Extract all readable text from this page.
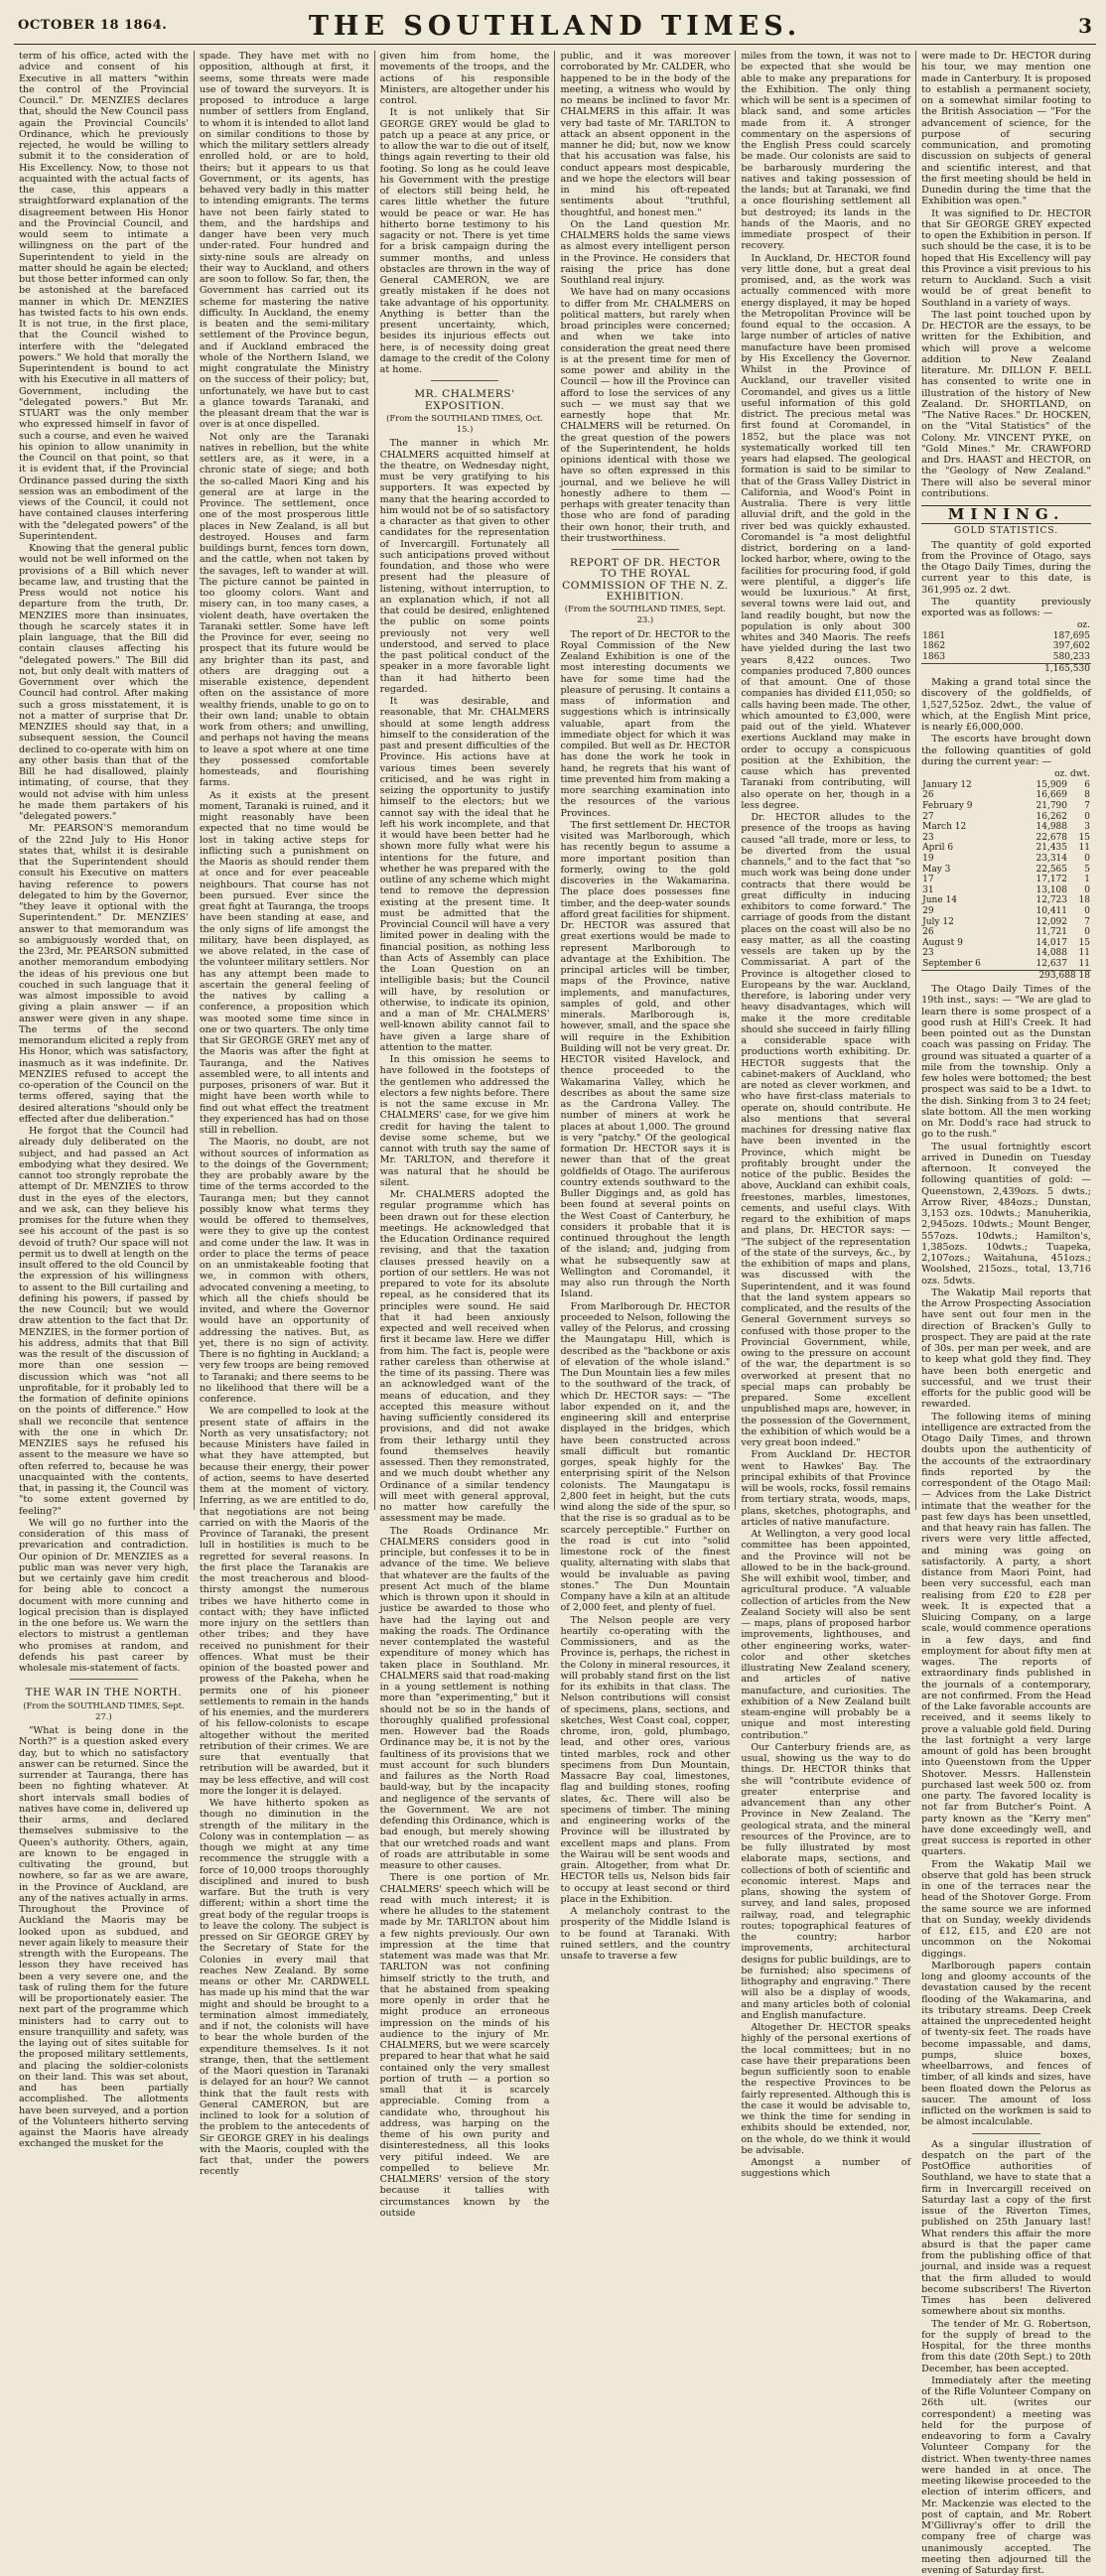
OCTOBER 18 1864.	THE SOUTHLAND TIMES.	3

term of his office, acted with the advice and consent of his Executive in all matters "within the control of the Provincial Council." Dr. MENZIES declares that, should the New Council pass again the Provincial Councils' Ordinance, which he previously rejected, he would be willing to submit it to the consideration of His Excellency. Now, to those not acquainted with the actual facts of the case, this appears a straightforward explanation of the disagreement between His Honor and the Provincial Council, and would seem to intimate a willingness on the part of the Superintendent to yield in the matter should he again be elected; but those better informed can only be astonished at the barefaced manner in which Dr. MENZIES has twisted facts to his own ends. It is not true, in the first place, that the Council wished to interfere with the "delegated powers." We hold that morally the Superintendent is bound to act with his Executive in all matters of Government, including the "delegated powers." But Mr. STUART was the only member who expressed himself in favor of such a course, and even he waived his opinion to allow unanimity in the Council on that point, so that it is evident that, if the Provincial Ordinance passed during the sixth session was an embodiment of the views of the Council, it could not have contained clauses interfering with the "delegated powers" of the Superintendent.

Knowing that the general public would not be well informed on the provisions of a Bill which never became law, and trusting that the Press would not notice his departure from the truth, Dr. MENZIES more than insinuates, though he scarcely states it in plain language, that the Bill did contain clauses affecting his "delegated powers." The Bill did not, but only dealt with matters of Government over which the Council had control. After making such a gross misstatement, it is not a matter of surprise that Dr. MENZIES should say that, in a subsequent session, the Council declined to co-operate with him on any other basis than that of the Bill he had disallowed, plainly intimating, of course, that they would not advise with him unless he made them partakers of his "delegated powers."

Mr. PEARSON'S memorandum of the 22nd July to His Honor states that, whilst it is desirable that the Superintendent should consult his Executive on matters having reference to powers delegated to him by the Governor, "they leave it optional with the Superintendent." Dr. MENZIES' answer to that memorandum was so ambiguously worded that, on the 23rd, Mr. PEARSON submitted another memorandum embodying the ideas of his previous one but couched in such language that it was almost impossible to avoid giving a plain answer — if an answer were given in any shape. The terms of the second memorandum elicited a reply from His Honor, which was satisfactory, inasmuch as it was indefinite. Dr. MENZIES refused to accept the co-operation of the Council on the terms offered, saying that the desired alterations "should only be effected after due deliberation."

He forgot that the Council had already duly deliberated on the subject, and had passed an Act embodying what they desired. We cannot too strongly reprobate the attempt of Dr. MENZIES to throw dust in the eyes of the electors, and we ask, can they believe his promises for the future when they see his account of the past is so devoid of truth? Our space will not permit us to dwell at length on the insult offered to the old Council by the expression of his willingness to assent to the Bill curtailing and defining his powers, if passed by the new Council; but we would draw attention to the fact that Dr. MENZIES, in the former portion of his address, admits that that Bill was the result of the discussion of more than one session — discussion which was "not all unprofitable, for it probably led to the formation of definite opinions on the points of difference." How shall we reconcile that sentence with the one in which Dr. MENZIES says he refused his assent to the measure we have so often referred to, because he was unacquainted with the contents, that, in passing it, the Council was "to some extent governed by feeling?"

We will go no further into the consideration of this mass of prevarication and contradiction. Our opinion of Dr. MENZIES as a public man was never very high, but we certainly gave him credit for being able to concoct a document with more cunning and logical precision than is displayed in the one before us. We warn the electors to mistrust a gentleman who promises at random, and defends his past career by wholesale mis-statement of facts.

THE WAR IN THE NORTH.

(From the SOUTHLAND TIMES, Sept. 27.)

"What is being done in the North?" is a question asked every day, but to which no satisfactory answer can be returned. Since the surrender at Tauranga, there has been no fighting whatever. At short intervals small bodies of natives have come in, delivered up their arms, and declared themselves submissive to the Queen's authority. Others, again, are known to be engaged in cultivating the ground, but nowhere, so far as we are aware, in the Province of Auckland, are any of the natives actually in arms. Throughout the Province of Auckland the Maoris may be looked upon as subdued, and never again likely to measure their strength with the Europeans. The lesson they have received has been a very severe one, and the task of ruling them for the future will be proportionately easier. The next part of the programme which ministers had to carry out to ensure tranquillity and safety, was the laying out of sites suitable for the proposed military settlements, and placing the soldier-colonists on their land. This was set about, and has been partially accomplished. The allotments have been surveyed, and a portion of the Volunteers hitherto serving against the Maoris have already exchanged the musket for the

spade. They have met with no opposition, although at first, it seems, some threats were made use of toward the surveyors. It is proposed to introduce a large number of settlers from England, to whom it is intended to allot land on similar conditions to those by which the military settlers already enrolled hold, or are to hold, theirs; but it appears to us that Government, or its agents, has behaved very badly in this matter to intending emigrants. The terms have not been fairly stated to them, and the hardships and danger have been very much under-rated. Four hundred and sixty-nine souls are already on their way to Auckland, and others are soon to follow. So far, then, the Government has carried out its scheme for mastering the native difficulty. In Auckland, the enemy is beaten and the semi-military settlement of the Province begun, and if Auckland embraced the whole of the Northern Island, we might congratulate the Ministry on the success of their policy; but, unfortunately, we have but to cast a glance towards Taranaki, and the pleasant dream that the war is over is at once dispelled.

Not only are the Taranaki natives in rebellion, but the white settlers are, as it were, in a chronic state of siege; and both the so-called Maori King and his general are at large in the Province. The settlement, once one of the most prosperous little places in New Zealand, is all but destroyed. Houses and farm buildings burnt, fences torn down, and the cattle, when not taken by the savages, left to wander at will. The picture cannot be painted in too gloomy colors. Want and misery can, in too many cases, a violent death, have overtaken the Taranaki settler. Some have left the Province for ever, seeing no prospect that its future would be any brighter than its past, and others are dragging out a miserable existence, dependent often on the assistance of more wealthy friends, unable to go on to their own land; unable to obtain work from others; and unwilling, and perhaps not having the means to leave a spot where at one time they possessed comfortable homesteads, and flourishing farms.

As it exists at the present moment, Taranaki is ruined, and it might reasonably have been expected that no time would be lost in taking active steps for inflicting such a punishment on the Maoris as should render them at once and for ever peaceable neighbours. That course has not been pursued. Ever since the great fight at Tauranga, the troops have been standing at ease, and the only signs of life amongst the military, have been displayed, as we above related, in the case of the volunteer military settlers. Nor has any attempt been made to ascertain the general feeling of the natives by calling a conference, a proposition which was mooted some time since in one or two quarters. The only time that Sir GEORGE GREY met any of the Maoris was after the fight at Tauranga, and the Natives assembled were, to all intents and purposes, prisoners of war. But it might have been worth while to find out what effect the treatment they experienced has had on those still in rebellion.

The Maoris, no doubt, are not without sources of information as to the doings of the Government; they are probably aware by the time of the terms accorded to the Tauranga men; but they cannot possibly know what terms they would be offered to themselves, were they to give up the contest and come under the law. It was in order to place the terms of peace on an unmistakeable footing that we, in common with others, advocated convening a meeting, to which all the chiefs should be invited, and where the Governor would have an opportunity of addressing the natives. But, as yet, there is no sign of activity. There is no fighting in Auckland; a very few troops are being removed to Taranaki; and there seems to be no likelihood that there will be a conference.

We are compelled to look at the present state of affairs in the North as very unsatisfactory; not because Ministers have failed in what they have attempted, but because their energy, their power of action, seems to have deserted them at the moment of victory. Inferring, as we are entitled to do, that negotiations are not being carried on with the Maoris of the Province of Taranaki, the present lull in hostilities is much to be regretted for several reasons. In the first place the Taranakis are the most treacherous and blood-thirsty amongst the numerous tribes we have hitherto come in contact with; they have inflicted more injury on the settlers than other tribes; and they have received no punishment for their offences. What must be their opinion of the boasted power and prowess of the Pakeha, when he permits one of his pioneer settlements to remain in the hands of his enemies, and the murderers of his fellow-colonists to escape altogether without the merited retribution of their crimes. We are sure that eventually that retribution will be awarded, but it may be less effective, and will cost more the longer it is delayed.

We have hitherto spoken as though no diminution in the strength of the military in the Colony was in contemplation — as though we might at any time recommence the struggle with a force of 10,000 troops thoroughly disciplined and inured to bush warfare. But the truth is very different; within a short time the great body of the regular troops is to leave the colony. The subject is pressed on Sir GEORGE GREY by the Secretary of State for the Colonies in every mail that reaches New Zealand. By some means or other Mr. CARDWELL has made up his mind that the war might and should be brought to a termination almost immediately, and if not, the colonists will have to bear the whole burden of the expenditure themselves. Is it not strange, then, that the settlement of the Maori question in Taranaki is delayed for an hour? We cannot think that the fault rests with General CAMERON, but are inclined to look for a solution of the problem to the antecedents of Sir GEORGE GREY in his dealings with the Maoris, coupled with the fact that, under the powers recently

given him from home, the movements of the troops, and the actions of his responsible Ministers, are altogether under his control.

It is not unlikely that Sir GEORGE GREY would be glad to patch up a peace at any price, or to allow the war to die out of itself, things again reverting to their old footing. So long as he could leave his Government with the prestige of electors still being held, he cares little whether the future would be peace or war. He has hitherto borne testimony to his sagacity or not. There is yet time for a brisk campaign during the summer months, and unless obstacles are thrown in the way of General CAMERON, we are greatly mistaken if he does not take advantage of his opportunity. Anything is better than the present uncertainty, which, besides its injurious effects out here, is of necessity doing great damage to the credit of the Colony at home.

MR. CHALMERS' EXPOSITION.

(From the SOUTHLAND TIMES, Oct. 15.)

The manner in which Mr. CHALMERS acquitted himself at the theatre, on Wednesday night, must be very gratifying to his supporters. It was expected by many that the hearing accorded to him would not be of so satisfactory a character as that given to other candidates for the representation of Invercargill. Fortunately all such anticipations proved without foundation, and those who were present had the pleasure of listening, without interruption, to an explanation which, if not all that could be desired, enlightened the public on some points previously not very well understood, and served to place the past political conduct of the speaker in a more favorable light than it had hitherto been regarded.

It was desirable, and reasonable, that Mr. CHALMERS should at some length address himself to the consideration of the past and present difficulties of the Province. His actions have at various times been severely criticised, and he was right in seizing the opportunity to justify himself to the electors; but we cannot say with the ideal that he left his work incomplete, and that it would have been better had he shown more fully what were his intentions for the future, and whether he was prepared with the outline of any scheme which might tend to remove the depression existing at the present time. It must be admitted that the Provincial Council will have a very limited power in dealing with the financial position, as nothing less than Acts of Assembly can place the Loan Question on an intelligible basis; but the Council will have, by resolution or otherwise, to indicate its opinion, and a man of Mr. CHALMERS' well-known ability cannot fail to have given a large share of attention to the matter.

In this omission he seems to have followed in the footsteps of the gentlemen who addressed the electors a few nights before. There is not the same excuse in Mr. CHALMERS' case, for we give him credit for having the talent to devise some scheme, but we cannot with truth say the same of Mr. TARLTON, and therefore it was natural that he should be silent.

Mr. CHALMERS adopted the regular programme which has been drawn out for these election meetings. He acknowledged that the Education Ordinance required revising, and that the taxation clauses pressed heavily on a portion of our settlers. He was not prepared to vote for its absolute repeal, as he considered that its principles were sound. He said that it had been anxiously expected and well received when first it became law. Here we differ from him. The fact is, people were rather careless than otherwise at the time of its passing. There was an acknowledged want of the means of education, and they accepted this measure without having sufficiently considered its provisions, and did not awake from their lethargy until they found themselves heavily assessed. Then they remonstrated, and we much doubt whether any Ordinance of a similar tendency will meet with general approval, no matter how carefully the assessment may be made.

The Roads Ordinance Mr. CHALMERS considers good in principle, but confesses it to be in advance of the time. We believe that whatever are the faults of the present Act much of the blame which is thrown upon it should in justice be awarded to those who have had the laying out and making the roads. The Ordinance never contemplated the wasteful expenditure of money which has taken place in Southland. Mr. CHALMERS said that road-making in a young settlement is nothing more than "experimenting," but it should not be so in the hands of thoroughly qualified professional men. However bad the Roads Ordinance may be, it is not by the faultiness of its provisions that we must account for such blunders and failures as the North Road bauld-way, but by the incapacity and negligence of the servants of the Government. We are not defending this Ordinance, which is bad enough, but merely showing that our wretched roads and want of roads are attributable in some measure to other causes.

There is one portion of Mr. CHALMERS' speech which will be read with much interest; it is where he alludes to the statement made by Mr. TARLTON about him a few nights previously. Our own impression at the time that statement was made was that Mr. TARLTON was not confining himself strictly to the truth, and that he abstained from speaking more openly in order that he might produce an erroneous impression on the minds of his audience to the injury of Mr. CHALMERS, but we were scarcely prepared to hear that what he said contained only the very smallest portion of truth — a portion so small that it is scarcely appreciable. Coming from a candidate who, throughout his address, was harping on the theme of his own purity and disinterestedness, all this looks very pitiful indeed. We are compelled to believe Mr. CHALMERS' version of the story because it tallies with circumstances known by the outside

public, and it was moreover corroborated by Mr. CALDER, who happened to be in the body of the meeting, a witness who would by no means be inclined to favor Mr. CHALMERS in this affair. It was very bad taste of Mr. TARLTON to attack an absent opponent in the manner he did; but, now we know that his accusation was false, his conduct appears most despicable, and we hope the electors will bear in mind his oft-repeated sentiments about "truthful, thoughtful, and honest men."

On the Land question Mr. CHALMERS holds the same views as almost every intelligent person in the Province. He considers that raising the price has done Southland real injury.

We have had on many occasions to differ from Mr. CHALMERS on political matters, but rarely when broad principles were concerned; and when we take into consideration the great need there is at the present time for men of some power and ability in the Council — how ill the Province can afford to lose the services of any such — we must say that we earnestly hope that Mr. CHALMERS will be returned. On the great question of the powers of the Superintendent, he holds opinions identical with those we have so often expressed in this journal, and we believe he will honestly adhere to them — perhaps with greater tenacity than those who are fond of parading their own honor, their truth, and their trustworthiness.

REPORT OF DR. HECTOR TO THE ROYAL COMMISSION OF THE N. Z. EXHIBITION.

(From the SOUTHLAND TIMES, Sept. 23.)

The report of Dr. HECTOR to the Royal Commission of the New Zealand Exhibition is one of the most interesting documents we have for some time had the pleasure of perusing. It contains a mass of information and suggestions which is intrinsically valuable, apart from the immediate object for which it was compiled. But well as Dr. HECTOR has done the work he took in hand, he regrets that his want of time prevented him from making a more searching examination into the resources of the various Provinces.

The first settlement Dr. HECTOR visited was Marlborough, which has recently begun to assume a more important position than formerly, owing to the gold discoveries in the Wakamarina. The place does possesses fine timber, and the deep-water sounds afford great facilities for shipment. Dr. HECTOR was assured that great exertions would be made to represent Marlborough to advantage at the Exhibition. The principal articles will be timber, maps of the Province, native implements, and manufactures, samples of gold, and other minerals. Marlborough is, however, small, and the space she will require in the Exhibition Building will not be very great. Dr. HECTOR visited Havelock, and thence proceeded to the Wakamarina Valley, which he describes as about the same size as the Cardrona Valley. The number of miners at work he places at about 1,000. The ground is very "patchy." Of the geological formation Dr. HECTOR says it is newer than that of the great goldfields of Otago. The auriferous country extends southward to the Buller Diggings and, as gold has been found at several points on the West Coast of Canterbury, he considers it probable that it is continued throughout the length of the island; and, judging from what he subsequently saw at Wellington and Coromandel, it may also run through the North Island.

From Marlborough Dr. HECTOR proceeded to Nelson, following the valley of the Pelorus, and crossing the Maungatapu Hill, which is described as the "backbone or axis of elevation of the whole island." The Dun Mountain lies a few miles to the southward of the track, of which Dr. HECTOR says: — "The labor expended on it, and the engineering skill and enterprise displayed in the bridges, which have been constructed across small difficult but romantic gorges, speak highly for the enterprising spirit of the Nelson colonists. The Maungatapu is 2,800 feet in height, but the cuts wind along the side of the spur, so that the rise is so gradual as to be scarcely perceptible." Further on the road is cut into "solid limestone rock of the finest quality, alternating with slabs that would be invaluable as paving stones." The Dun Mountain Company have a kiln at an altitude of 2,000 feet, and plenty of fuel.

The Nelson people are very heartily co-operating with the Commissioners, and as the Province is, perhaps, the richest in the Colony in mineral resources, it will probably stand first on the list for its exhibits in that class. The Nelson contributions will consist of specimens, plans, sections, and sketches, West Coast coal, copper, chrome, iron, gold, plumbago, lead, and other ores, various tinted marbles, rock and other specimens from Dun Mountain, Massacre Bay coal, limestones, flag and building stones, roofing slates, &c. There will also be specimens of timber. The mining and engineering works of the Province will be illustrated by excellent maps and plans. From the Wairau will be sent woods and grain. Altogether, from what Dr. HECTOR tells us, Nelson bids fair to occupy at least second or third place in the Exhibition.

A melancholy contrast to the prosperity of the Middle Island is to be found at Taranaki. With ruined settlers, and the country unsafe to traverse a few

miles from the town, it was not to be expected that she would be able to make any preparations for the Exhibition. The only thing which will be sent is a specimen of black sand, and some articles made from it. A stronger commentary on the aspersions of the English Press could scarcely be made. Our colonists are said to be barbarously murdering the natives and taking possession of the lands; but at Taranaki, we find a once flourishing settlement all but destroyed; its lands in the hands of the Maoris, and no immediate prospect of their recovery.

In Auckland, Dr. HECTOR found very little done, but a great deal promised, and, as the work was actually commenced with more energy displayed, it may be hoped the Metropolitan Province will be found equal to the occasion. A large number of articles of native manufacture have been promised by His Excellency the Governor. Whilst in the Province of Auckland, our traveller visited Coromandel, and gives us a little useful information of this gold district. The precious metal was first found at Coromandel, in 1852, but the place was not systematically worked till ten years had elapsed. The geological formation is said to be similar to that of the Grass Valley District in California, and Wood's Point in Australia. There is very little alluvial drift, and the gold in the river bed was quickly exhausted. Coromandel is "a most delightful district, bordering on a land-locked harbor, where, owing to the facilities for procuring food, if gold were plentiful, a digger's life would be luxurious." At first, several towns were laid out, and land readily bought, but now the population is only about 300 whites and 340 Maoris. The reefs have yielded during the last two years 8,422 ounces. Two companies produced 7,800 ounces of that amount. One of those companies has divided £11,050; so calls having been made. The other, which amounted to £3,000, were paid out of the yield. Whatever exertions Auckland may make in order to occupy a conspicuous position at the Exhibition, the cause which has prevented Taranaki from contributing, will also operate on her, though in a less degree.

Dr. HECTOR alludes to the presence of the troops as having caused "all trade, more or less, to be diverted from the usual channels," and to the fact that "so much work was being done under contracts that there would be great difficulty in inducing exhibitors to come forward." The carriage of goods from the distant places on the coast will also be no easy matter, as all the coasting vessels are taken up by the Commissariat. A part of the Province is altogether closed to Europeans by the war. Auckland, therefore, is laboring under very heavy disadvantages, which will make it the more creditable should she succeed in fairly filling a considerable space with productions worth exhibiting. Dr. HECTOR suggests that the cabinet-makers of Auckland, who are noted as clever workmen, and who have first-class materials to operate on, should contribute. He also mentions that several machines for dressing native flax have been invented in the Province, which might be profitably brought under the notice of the public. Besides the above, Auckland can exhibit coals, freestones, marbles, limestones, cements, and useful clays. With regard to the exhibition of maps and plans, Dr. HECTOR says: — "The subject of the representation of the state of the surveys, &c., by the exhibition of maps and plans, was discussed with the Superintendent, and it was found that the land system appears so complicated, and the results of the General Government surveys so confused with those proper to the Provincial Government, while, owing to the pressure on account of the war, the department is so overworked at present that no special maps can probably be prepared. Some excellent unpublished maps are, however, in the possession of the Government, the exhibition of which would be a very great boon indeed."

From Auckland Dr. HECTOR went to Hawkes' Bay. The principal exhibits of that Province will be wools, rocks, fossil remains from tertiary strata, woods, maps, plans, sketches, photographs, and articles of native manufacture.

At Wellington, a very good local committee has been appointed, and the Province will not be allowed to be in the back-ground. She will exhibit wool, timber, and agricultural produce. "A valuable collection of articles from the New Zealand Society will also be sent — maps, plans of proposed harbor improvements, lighthouses, and other engineering works, water-color and other sketches illustrating New Zealand scenery, and articles of native manufacture, and curiosities. The exhibition of a New Zealand built steam-engine will probably be a unique and most interesting contribution."

Our Canterbury friends are, as usual, showing us the way to do things. Dr. HECTOR thinks that she will "contribute evidence of greater enterprise and advancement than any other Province in New Zealand. The geological strata, and the mineral resources of the Province, are to be fully illustrated by most elaborate maps, sections, and collections of both of scientific and economic interest. Maps and plans, showing the system of survey, and land sales, proposed railway, road, and telegraphic routes; topographical features of the country; harbor improvements, architectural designs for public buildings, are to be furnished; also specimens of lithography and engraving." There will also be a display of woods, and many articles both of colonial and English manufacture.

Altogether Dr. HECTOR speaks highly of the personal exertions of the local committees; but in no case have their preparations been begun sufficiently soon to enable the respective Provinces to be fairly represented. Although this is the case it would be advisable to, we think the time for sending in exhibits should be extended, nor, on the whole, do we think it would be advisable.

Amongst a number of suggestions which

were made to Dr. HECTOR during his tour, we may mention one made in Canterbury. It is proposed to establish a permanent society, on a somewhat similar footing to the British Association — "For the advancement of science, for the purpose of securing communication, and promoting discussion on subjects of general and scientific interest, and that the first meeting should be held in Dunedin during the time that the Exhibition was open."

It was signified to Dr. HECTOR that Sir GEORGE GREY expected to open the Exhibition in person. If such should be the case, it is to be hoped that His Excellency will pay this Province a visit previous to his return to Auckland. Such a visit would be of great benefit to Southland in a variety of ways.

The last point touched upon by Dr. HECTOR are the essays, to be written for the Exhibition, and which will prove a welcome addition to New Zealand literature. Mr. DILLON F. BELL has consented to write one in illustration of the history of New Zealand. Dr. SHORTLAND, on "The Native Races." Dr. HOCKEN, on the "Vital Statistics" of the Colony. Mr. VINCENT PYKE, on "Gold Mines." Mr. CRAWFORD and Drs. HAAST and HECTOR, on the "Geology of New Zealand." There will also be several minor contributions.

MINING.
GOLD STATISTICS.

The quantity of gold exported from the Province of Otago, says the Otago Daily Times, during the current year to this date, is 361,995 oz. 2 dwt.

The quantity previously exported was as follows: —

	oz.
1861	187,695
1862	397,602
1863	580,233
	1,165,530

Making a grand total since the discovery of the goldfields, of 1,527,525oz. 2dwt., the value of which, at the English Mint price, is nearly £6,000,000.

The escorts have brought down the following quantities of gold during the current year: —

	oz. dwt.	
January 12	15,909	6
26	16,669	8
February 9	21,790	7
27	16,262	0
March 12	14,988	3
23	22,678	15
April 6	21,435	11
19	23,314	0
May 3	22,565	5
17	17,172	1
31	13,108	0
June 14	12,723	18
29	10,411	0
July 12	12,092	7
26	11,721	0
August 9	14,017	15
23	14,088	11
September 6	12,637	11
	293,688 18	

The Otago Daily Times of the 19th inst., says: — "We are glad to learn there is some prospect of a good rush at Hill's Creek. It had been pointed out as the Dunstan coach was passing on Friday. The ground was situated a quarter of a mile from the township. Only a few holes were bottomed; the best prospect was said to be a 1dwt. to the dish. Sinking from 3 to 24 feet; slate bottom. All the men working on Mr. Dodd's race had struck to go to the rush."

The usual fortnightly escort arrived in Dunedin on Tuesday afternoon. It conveyed the following quantities of gold: — Queenstown, 2,439ozs. 5 dwts.; Arrow River, 484ozs.; Dunstan, 3,153 ozs. 10dwts.; Manuherikia, 2,945ozs. 10dwts.; Mount Benger, 557ozs. 10dwts.; Hamilton's, 1,385ozs. 10dwts.; Tuapeka, 2,107ozs.; Waitahuna, 451ozs.; Woolshed, 215ozs., total, 13,716 ozs. 5dwts.

The Wakatip Mail reports that the Arrow Prospecting Association have sent out four men in the direction of Bracken's Gully to prospect. They are paid at the rate of 30s. per man per week, and are to keep what gold they find. They have been both energetic and successful, and we trust their efforts for the public good will be rewarded.

The following items of mining intelligence are extracted from the Otago Daily Times, and thrown doubts upon the authenticity of the accounts of the extraordinary finds reported by the correspondent of the Otago Mail: — Advices from the Lake District intimate that the weather for the past few days has been unsettled, and that heavy rain has fallen. The rivers were very little affected, and mining was going on satisfactorily. A party, a short distance from Maori Point, had been very successful, each man realising from £20 to £28 per week. It is expected that a Sluicing Company, on a large scale, would commence operations in a few days, and find employment for about fifty men at wages. The reports of extraordinary finds published in the journals of a contemporary, are not confirmed. From the Head of the Lake favorable accounts are received, and it seems likely to prove a valuable gold field. During the last fortnight a very large amount of gold has been brought into Queenstown from the Upper Shotover. Messrs. Hallenstein purchased last week 500 oz. from one party. The favored locality is not far from Butcher's Point. A party known as the "Kerry men" have done exceedingly well, and great success is reported in other quarters.

From the Wakatip Mail we observe that gold has been struck in one of the terraces near the head of the Shotover Gorge. From the same source we are informed that on Sunday, weekly dividends of £12, £15, and £20 are not uncommon on the Nokomai diggings.

Marlborough papers contain long and gloomy accounts of the devastation caused by the recent flooding of the Wakamarina, and its tributary streams. Deep Creek attained the unprecedented height of twenty-six feet. The roads have become impassable, and dams, pumps, sluice boxes, wheelbarrows, and fences of timber, of all kinds and sizes, have been floated down the Pelorus as saucer. The amount of loss inflicted on the workmen is said to be almost incalculable.

As a singular illustration of despatch on the part of the PostOffice authorities of Southland, we have to state that a firm in Invercargill received on Saturday last a copy of the first issue of the Riverton Times, published on 25th January last! What renders this affair the more absurd is that the paper came from the publishing office of that journal, and inside was a request that the firm alluded to would become subscribers! The Riverton Times has been delivered somewhere about six months.

The tender of Mr. G. Robertson, for the supply of bread to the Hospital, for the three months from this date (20th Sept.) to 20th December, has been accepted.

Immediately after the meeting of the Rifle Volunteer Company on 26th ult. (writes our correspondent) a meeting was held for the purpose of endeavoring to form a Cavalry Volunteer Company for the district. When twenty-three names were handed in at once. The meeting likewise proceeded to the election of interim officers, and Mr. Mackenzie was elected to the post of captain, and Mr. Robert M'Gillivray's offer to drill the company free of charge was unanimously accepted. The meeting then adjourned till the evening of Saturday first.
